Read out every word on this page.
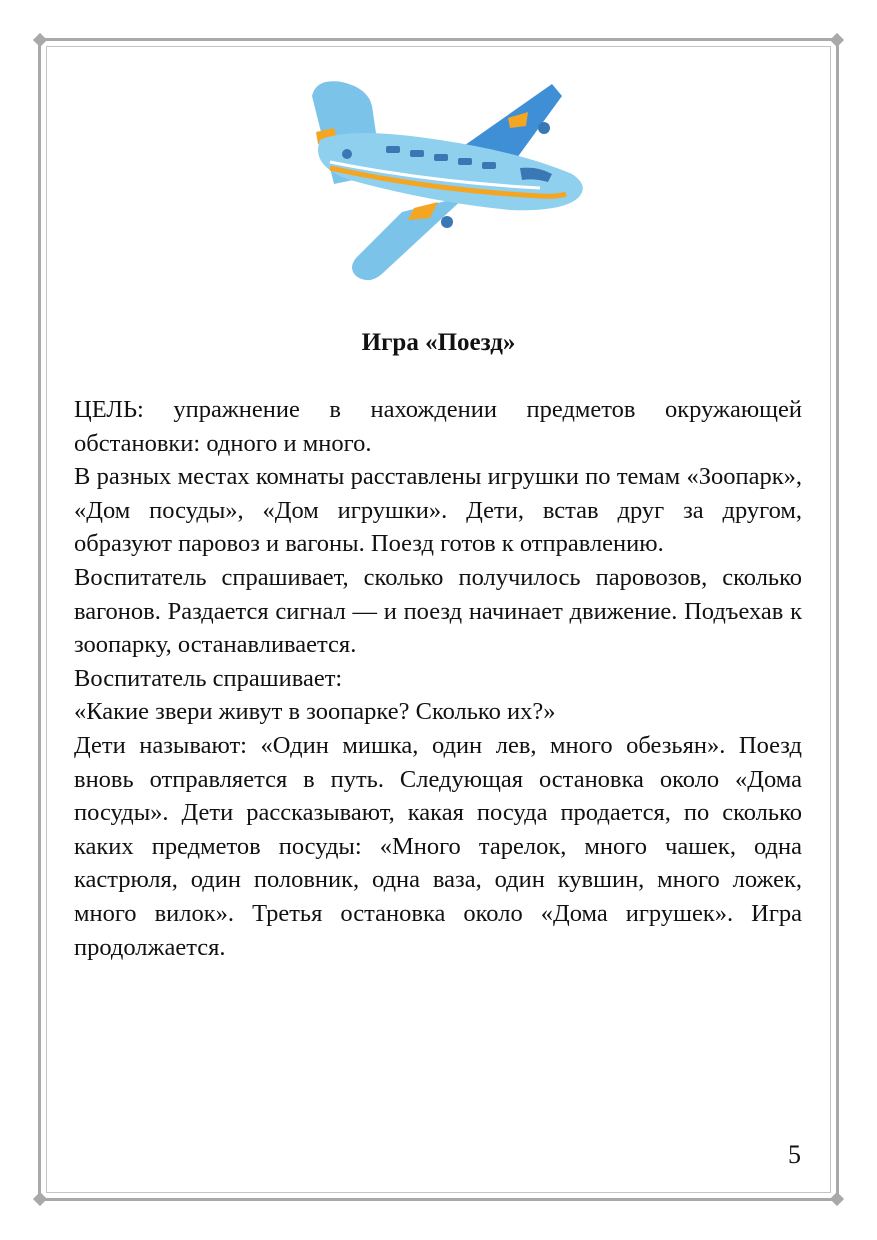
Игра «Поезд»

ЦЕЛЬ: упражнение в нахождении предметов окружающей обстановки: одного и много.

В разных местах комнаты расставлены игрушки по темам «Зоопарк», «Дом посуды», «Дом игрушки». Дети, встав друг за другом, образуют паровоз и вагоны. Поезд готов к отправлению.

Воспитатель спрашивает, сколько получилось паровозов, сколько вагонов. Раздается сигнал — и поезд начинает движение. Подъехав к зоопарку, останавливается.

Воспитатель спрашивает:

«Какие звери живут в зоопарке? Сколько их?»

Дети называют: «Один мишка, один лев, много обезьян». Поезд вновь отправляется в путь. Следующая остановка около «Дома посуды». Дети рассказывают, какая посуда продается, по сколько каких предметов посуды: «Много тарелок, много чашек, одна кастрюля, один половник, одна ваза, один кувшин, много ложек, много вилок». Третья остановка около «Дома игрушек». Игра продолжается.

5
